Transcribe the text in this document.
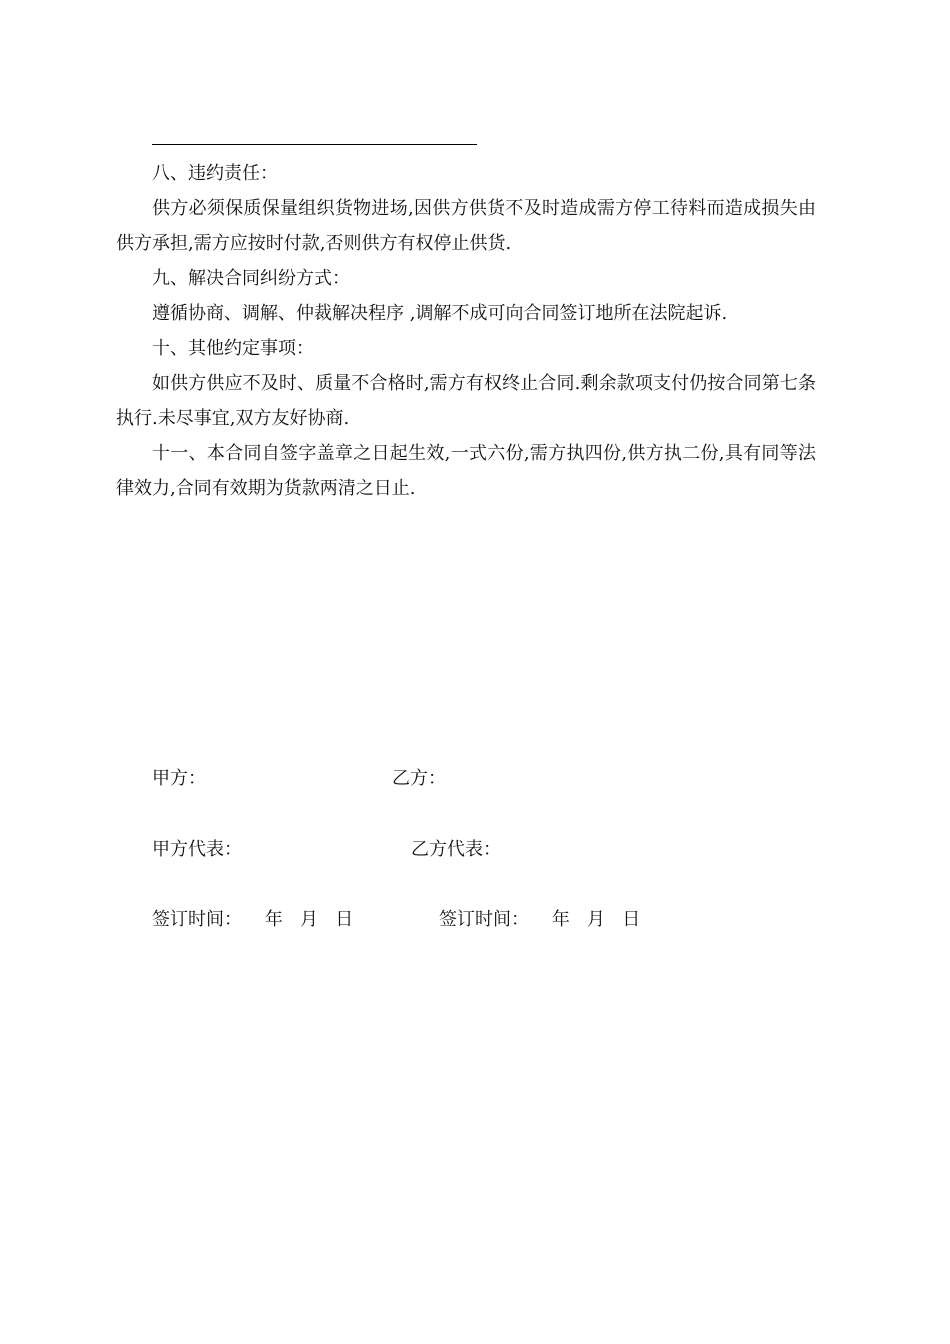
八、违约责任：

供方必须保质保量组织货物进场,因供方供货不及时造成需方停工待料而造成损失由供方承担,需方应按时付款,否则供方有权停止供货.

九、解决合同纠纷方式：

遵循协商、调解、仲裁解决程序 ,调解不成可向合同签订地所在法院起诉.

十、其他约定事项：

如供方供应不及时、质量不合格时,需方有权终止合同.剩余款项支付仍按合同第七条执行.未尽事宜,双方友好协商.

十一、本合同自签字盖章之日起生效,一式六份,需方执四份,供方执二份,具有同等法律效力,合同有效期为货款两清之日止.

甲方：	乙方：
甲方代表：	乙方代表：
签订时间：    年   月   日	签订时间：    年   月   日
